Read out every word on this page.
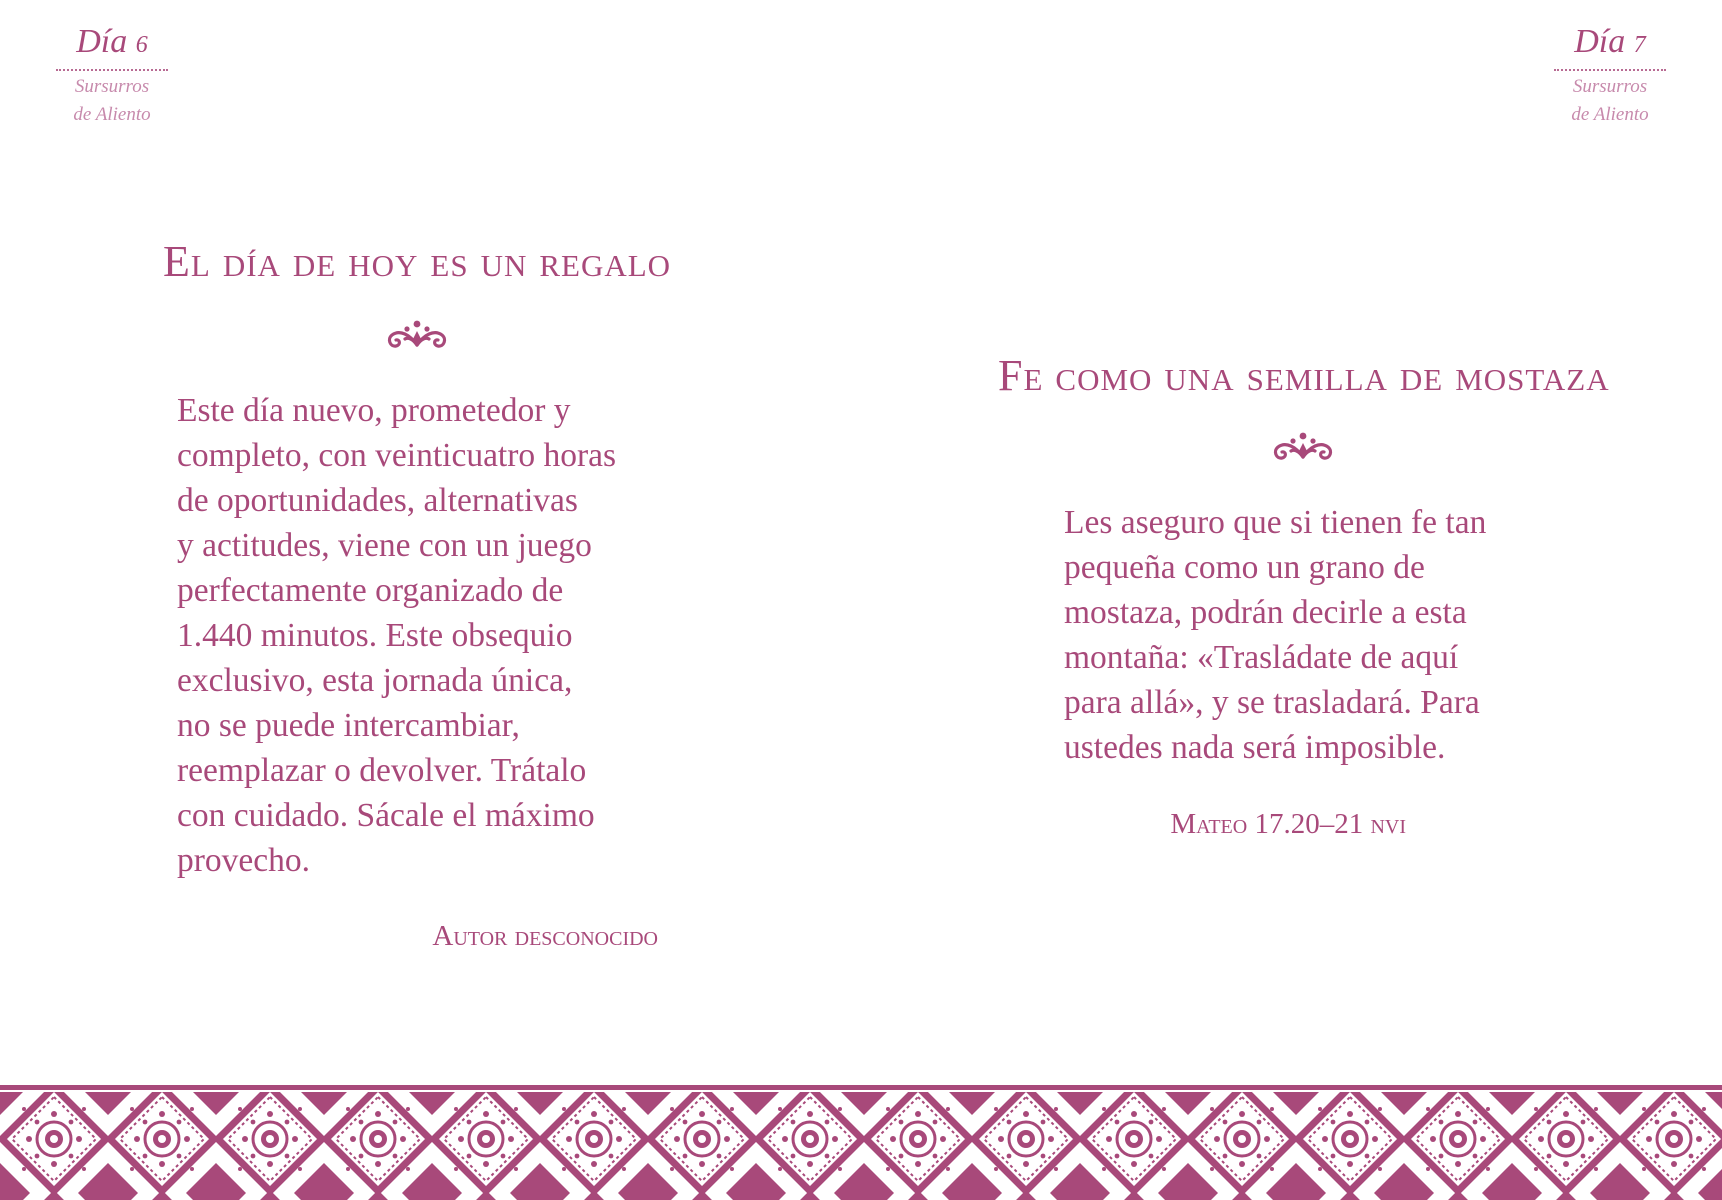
Día 6
Sursurros
de Aliento
El día de hoy es un regalo
Este día nuevo, prometedor y
completo, con veinticuatro horas
de oportunidades, alternativas
y actitudes, viene con un juego
perfectamente organizado de
1.440 minutos. Este obsequio
exclusivo, esta jornada única,
no se puede intercambiar,
reemplazar o devolver. Trátalo
con cuidado. Sácale el máximo
provecho.

Autor desconocido

Día 7
Sursurros
de Aliento
Fe como una semilla de mostaza
Les aseguro que si tienen fe tan
pequeña como un grano de
mostaza, podrán decirle a esta
montaña: «Trasládate de aquí
para allá», y se trasladará. Para
ustedes nada será imposible.

Mateo 17.20–21 nvi
